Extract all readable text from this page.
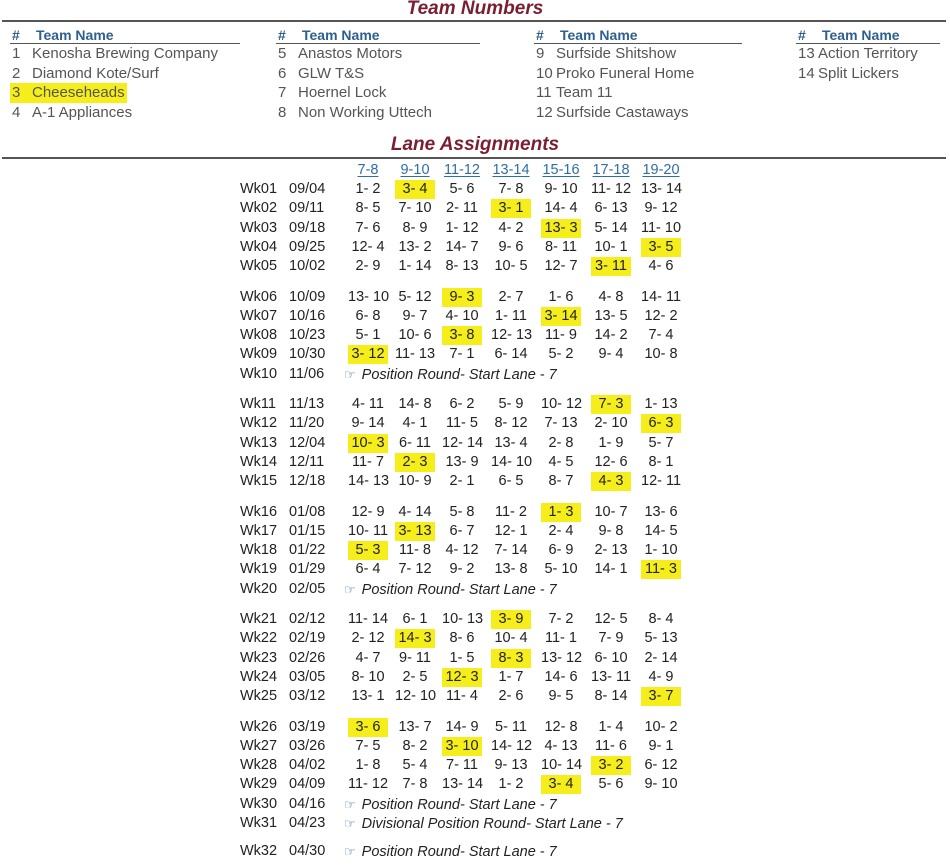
Team Numbers
#	Team Name
1 Kenosha Brewing Company
2 Diamond Kote/Surf
3 Cheeseheads
4 A-1 Appliances
#	Team Name
5 Anastos Motors
6 GLW T&S
7 Hoernel Lock
8 Non Working Uttech
#	Team Name
9 Surfside Shitshow
10 Proko Funeral Home
11 Team 11
12 Surfside Castaways
#	Team Name
13 Action Territory
14 Split Lickers
Lane Assignments
7-8	9-10 11-12 13-14 15-16 17-18 19-20
Wk01 09/04	1- 2	3- 4	5- 6	7- 8	9- 10 11- 12 13- 14
Wk02 09/11	8- 5	7- 10 2- 11	3- 1	14- 4 6- 13 9- 12
Wk03 09/18	7- 6	8- 9	1- 12	4- 2	13- 3 5- 14 11- 10
Wk04 09/25 12- 4 13- 2 14- 7	9- 6	8- 11 10- 1	3- 5
Wk05 10/02	2- 9	1- 14 8- 13 10- 5 12- 7 3- 11	4- 6
Wk06 10/09 13- 10 5- 12	9- 3	2- 7	1- 6	4- 8	14- 11
Wk07 10/16	6- 8	9- 7	4- 10 1- 11 3- 14 13- 5 12- 2
Wk08 10/23	5- 1	10- 6	3- 8	12- 13 11- 9 14- 2	7- 4
Wk09 10/30 3- 12 11- 13 7- 1	6- 14	5- 2	9- 4	10- 8
Wk10 11/06 ☞ Position Round- Start Lane - 7
Wk11 11/13 4- 11 14- 8	6- 2	5- 9	10- 12	7- 3	1- 13
Wk12 11/20 9- 14	4- 1	11- 5 8- 12 7- 13 2- 10	6- 3
Wk13 12/04 10- 3 6- 11 12- 14 13- 4	2- 8	1- 9	5- 7
Wk14 12/11 11- 7	2- 3	13- 9 14- 10	4- 5	12- 6	8- 1
Wk15 12/18 14- 13 10- 9	2- 1	6- 5	8- 7	4- 3	12- 11
Wk16 01/08 12- 9 4- 14	5- 8	11- 2	1- 3	10- 7 13- 6
Wk17 01/15 10- 11 3- 13	6- 7	12- 1	2- 4	9- 8	14- 5
Wk18 01/22	5- 3	11- 8 4- 12 7- 14	6- 9	2- 13 1- 10
Wk19 01/29	6- 4	7- 12	9- 2	13- 8 5- 10 14- 1 11- 3
Wk20 02/05 ☞ Position Round- Start Lane - 7
Wk21 02/12 11- 14 6- 1	10- 13	3- 9	7- 2	12- 5	8- 4
Wk22 02/19 2- 12 14- 3	8- 6	10- 4 11- 1	7- 9	5- 13
Wk23 02/26	4- 7	9- 11	1- 5	8- 3	13- 12 6- 10 2- 14
Wk24 03/05 8- 10	2- 5	12- 3	1- 7	14- 6 13- 11	4- 9
Wk25 03/12 13- 1 12- 10 11- 4	2- 6	9- 5	8- 14	3- 7
Wk26 03/19	3- 6	13- 7 14- 9 5- 11 12- 8	1- 4	10- 2
Wk27 03/26	7- 5	8- 2	3- 10 14- 12 4- 13 11- 6	9- 1
Wk28 04/02	1- 8	5- 4	7- 11 9- 13 10- 14	3- 2	6- 12
Wk29 04/09 11- 12 7- 8	13- 14	1- 2	3- 4	5- 6	9- 10
Wk30 04/16 ☞ Position Round- Start Lane - 7
Wk31 04/23 ☞ Divisional Position Round- Start Lane - 7
Wk32 04/30 ☞ Position Round- Start Lane - 7
